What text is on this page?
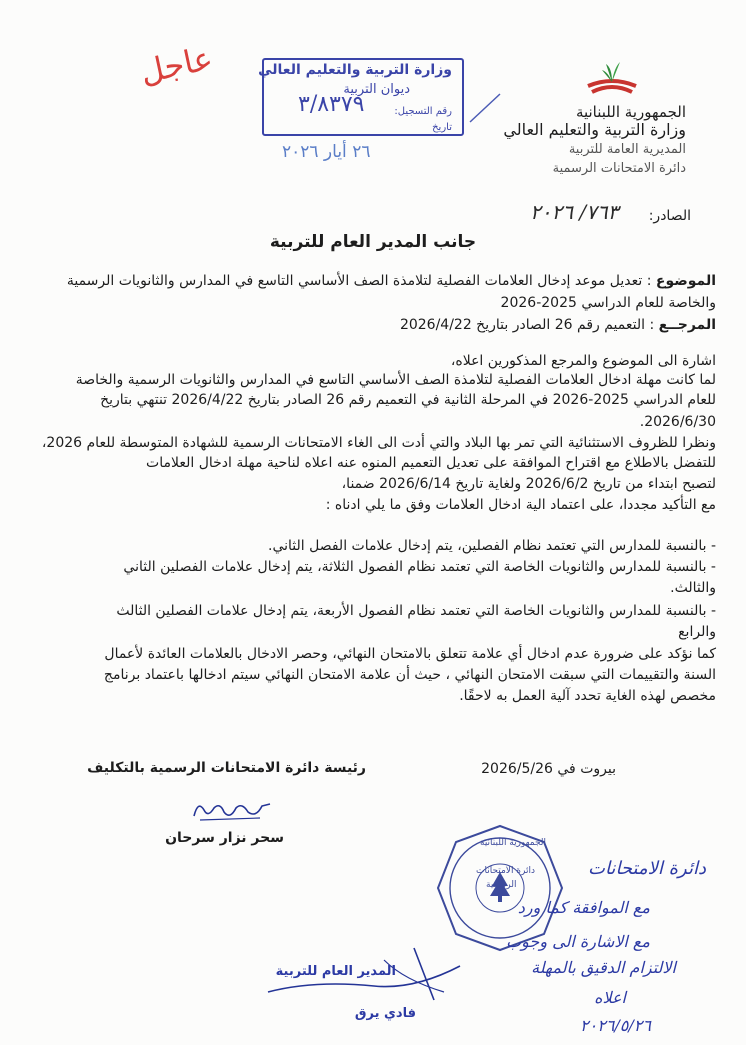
عاجل	وزارة التربية والتعليم العالي
ديوان التربية
رقم التسجيل:
تاريخ
٣/٨٣٧٩
٢٦ أيار ٢٠٢٦
الجمهورية اللبنانية
وزارة التربية والتعليم العالي
المديرية العامة للتربية
دائرة الامتحانات الرسمية
الصادر:
٧٦٣/ ٢٠٢٦
جانب المدير العام للتربية
الموضوع : تعديل موعد إدخال العلامات الفصلية لتلامذة الصف الأساسي التاسع في المدارس والثانويات الرسمية
والخاصة للعام الدراسي 2025-2026
المرجــع : التعميم رقم 26 الصادر بتاريخ 2026/4/22
اشارة الى الموضوع والمرجع المذكورين اعلاه،
لما كانت مهلة ادخال العلامات الفصلية لتلامذة الصف الأساسي التاسع في المدارس والثانويات الرسمية والخاصة
للعام الدراسي 2025-2026 في المرحلة الثانية في التعميم رقم 26 الصادر بتاريخ 2026/4/22 تنتهي بتاريخ
2026/6/30.
ونظرا للظروف الاستثنائية التي تمر بها البلاد والتي أدت الى الغاء الامتحانات الرسمية للشهادة المتوسطة للعام 2026،
للتفضل بالاطلاع مع اقتراح الموافقة على تعديل التعميم المنوه عنه اعلاه لناحية مهلة ادخال العلامات
لتصبح ابتداء من تاريخ 2026/6/2 ولغاية تاريخ 2026/6/14 ضمنا،
مع التأكيد مجددا، على اعتماد الية ادخال العلامات وفق ما يلي ادناه :
- بالنسبة للمدارس التي تعتمد نظام الفصلين، يتم إدخال علامات الفصل الثاني.
- بالنسبة للمدارس والثانويات الخاصة التي تعتمد نظام الفصول الثلاثة، يتم إدخال علامات الفصلين الثاني
والثالث.
- بالنسبة للمدارس والثانويات الخاصة التي تعتمد نظام الفصول الأربعة، يتم إدخال علامات الفصلين الثالث
والرابع
كما نؤكد على ضرورة عدم ادخال أي علامة تتعلق بالامتحان النهائي، وحصر الادخال بالعلامات العائدة لأعمال
السنة والتقييمات التي سبقت الامتحان النهائي ، حيث أن علامة الامتحان النهائي سيتم ادخالها باعتماد برنامج
مخصص لهذه الغاية تحدد آلية العمل به لاحقًا.
بيروت في 2026/5/26
رئيسة دائرة الامتحانات الرسمية بالتكليف
سحر نزار سرحان	الجمهورية اللبنانية
دائرة الامتحانات
الرسمية
دائرة الامتحانات
مع الموافقة كما ورد
مع الاشارة الى وجوب
الالتزام الدقيق بالمهلة
اعلاه
٢٠٢٦/٥/٢٦
المدير العام للتربية
فادي يرق
